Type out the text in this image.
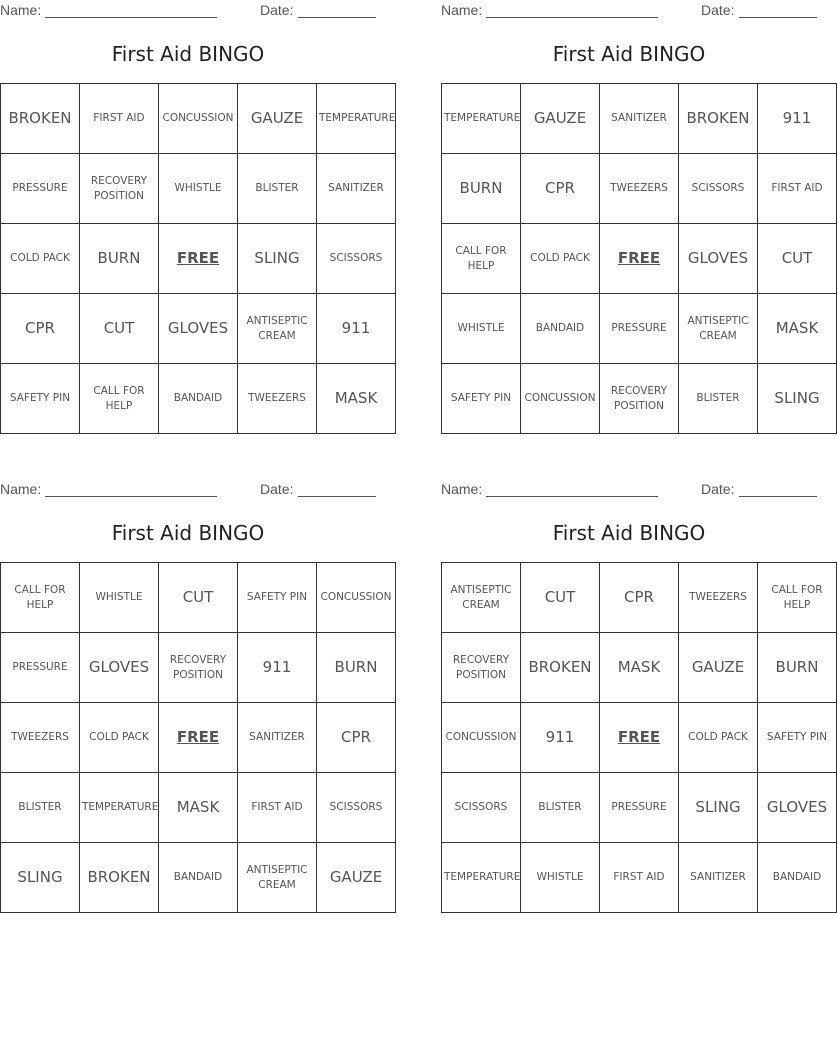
Name:	Date:
First Aid BINGO
BROKEN	FIRST AID	CONCUSSION	GAUZE	TEMPERATURE
PRESSURE	RECOVERY POSITION	WHISTLE	BLISTER	SANITIZER
COLD PACK	BURN	FREE	SLING	SCISSORS
CPR	CUT	GLOVES	ANTISEPTIC CREAM	911
SAFETY PIN	CALL FOR HELP	BANDAID	TWEEZERS	MASK
Name:	Date:
First Aid BINGO
TEMPERATURE	GAUZE	SANITIZER	BROKEN	911
BURN	CPR	TWEEZERS	SCISSORS	FIRST AID
CALL FOR HELP	COLD PACK	FREE	GLOVES	CUT
WHISTLE	BANDAID	PRESSURE	ANTISEPTIC CREAM	MASK
SAFETY PIN	CONCUSSION	RECOVERY POSITION	BLISTER	SLING
Name:	Date:
First Aid BINGO
CALL FOR HELP	WHISTLE	CUT	SAFETY PIN	CONCUSSION
PRESSURE	GLOVES	RECOVERY POSITION	911	BURN
TWEEZERS	COLD PACK	FREE	SANITIZER	CPR
BLISTER	TEMPERATURE	MASK	FIRST AID	SCISSORS
SLING	BROKEN	BANDAID	ANTISEPTIC CREAM	GAUZE
Name:	Date:
First Aid BINGO
ANTISEPTIC CREAM	CUT	CPR	TWEEZERS	CALL FOR HELP
RECOVERY POSITION	BROKEN	MASK	GAUZE	BURN
CONCUSSION	911	FREE	COLD PACK	SAFETY PIN
SCISSORS	BLISTER	PRESSURE	SLING	GLOVES
TEMPERATURE	WHISTLE	FIRST AID	SANITIZER	BANDAID
